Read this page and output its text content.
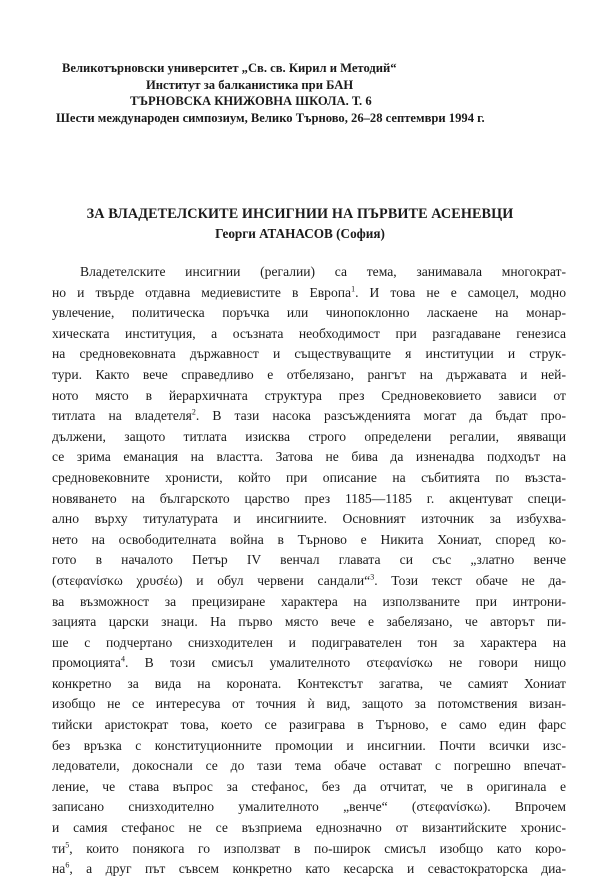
Великотърновски университет „Св. св. Кирил и Методий“
Институт за балканистика при БАН
ТЪРНОВСКА КНИЖОВНА ШКОЛА. Т. 6
Шести международен симпозиум, Велико Търново, 26–28 септември 1994 г.
ЗА ВЛАДЕТЕЛСКИТЕ ИНСИГНИИ НА ПЪРВИТЕ АСЕНЕВЦИ
Георги АТАНАСОВ (София)
Владетелските инсигнии (регалии) са тема, занимавала многократ-
но и твърде отдавна медиевистите в Европа$^1$. И това не е самоцел, модно
увлечение, политическа поръчка или чинопоклонно ласкаене на монар-
хическата институция, а осъзната необходимост при разгадаване генезиса
на средновековната държавност и съществуващите я институции и струк-
тури. Както вече справедливо е отбелязано, рангът на държавата и ней-
ното място в йерархичната структура през Средновековието зависи от
титлата на владетеля$^2$. В тази насока разсъжденията могат да бъдат про-
дължени, защото титлата изисква строго определени регалии, явяващи
се зрима еманация на властта. Затова не бива да изненадва подходът на
средновековните хронисти, който при описание на събитията по възста-
новяването на българското царство през 1185—1185 г. акцентуват специ-
ално върху титулатурата и инсигниите. Основният източник за избухва-
нето на освободителната война в Търново е Никита Хониат, според ко-
гото в началото Петър IV венчал главата си със „златно венче
(στεφανίσκω χρυσέω) и обул червени сандали“$^3$. Този текст обаче не да-
ва възможност за прецизиране характера на използваните при интрони-
зацията царски знаци. На първо място вече е забелязано, че авторът пи-
ше с подчертано снизходителен и подигравателен тон за характера на
промоцията$^4$. В този смисъл умалителното στεφανίσκω не говори нищо
конкретно за вида на короната. Контекстът загатва, че самият Хониат
изобщо не се интересува от точния ѝ вид, защото за потомствения визан-
тийски аристократ това, което се разиграва в Търново, е само един фарс
без връзка с конституционните промоции и инсигнии. Почти всички изс-
ледователи, докоснали се до тази тема обаче остават с погрешно впечат-
ление, че става въпрос за стефанос, без да отчитат, че в оригинала е
записано снизходително умалителното „венче“ (στεφανίσκω). Впрочем
и самия стефанос не се възприема еднозначно от византийските хронис-
ти$^5$, които понякога го използват в по-широк смисъл изобщо като коро-
на$^6$, а друг път съвсем конкретно като кесарска и севастократорска диа-
